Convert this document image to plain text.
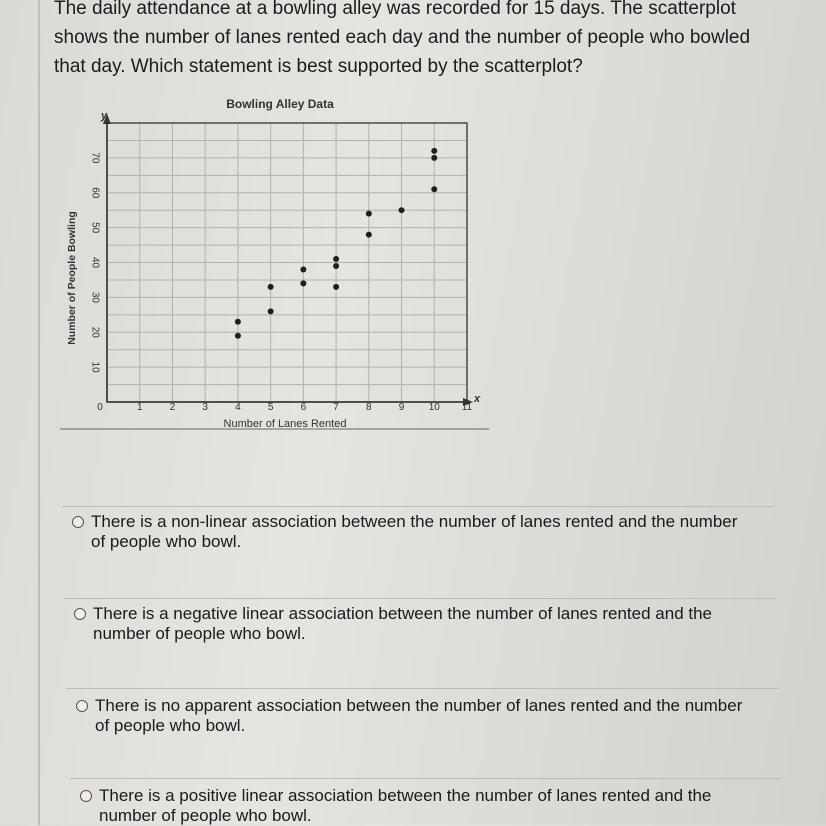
The daily attendance at a bowling alley was recorded for 15 days. The scatterplot shows the number of lanes rented each day and the number of people who bowled that day. Which statement is best supported by the scatterplot?
Bowling Alley Data
1	2	3	4	5	6	7	8	9 10 11
10
20
30
40
50
60
70
y
x
0
Number of Lanes Rented
Number of People Bowling
There is a non-linear association between the number of lanes rented and the number of people who bowl.
There is a negative linear association between the number of lanes rented and the number of people who bowl.
There is no apparent association between the number of lanes rented and the number of people who bowl.
There is a positive linear association between the number of lanes rented and the number of people who bowl.
